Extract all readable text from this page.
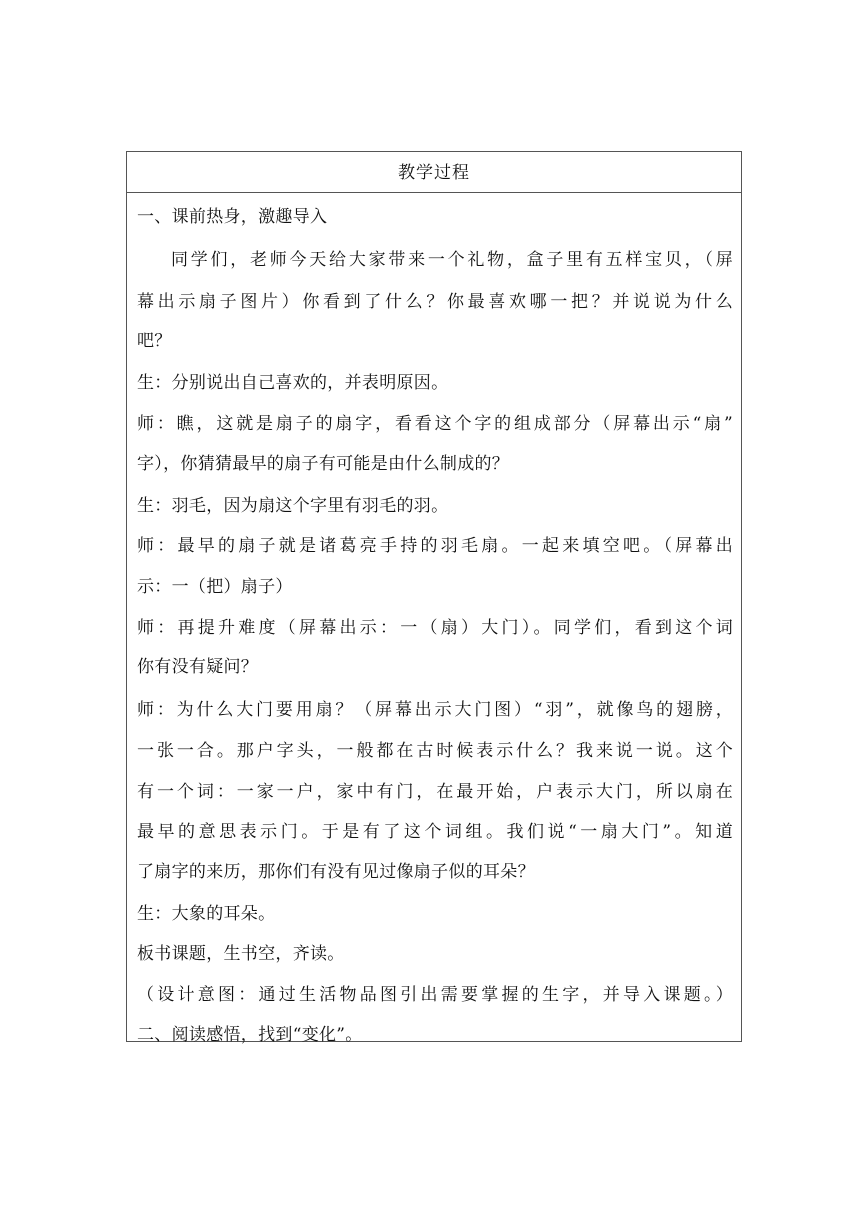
教学过程
一、课前热身，激趣导入
同学们，老师今天给大家带来一个礼物，盒子里有五样宝贝，（屏
幕出示扇子图片）你看到了什么？你最喜欢哪一把？并说说为什么
吧？
生：分别说出自己喜欢的，并表明原因。
师：瞧，这就是扇子的扇字，看看这个字的组成部分（屏幕出示“扇”
字），你猜猜最早的扇子有可能是由什么制成的？
生：羽毛，因为扇这个字里有羽毛的羽。
师：最早的扇子就是诸葛亮手持的羽毛扇。一起来填空吧。（屏幕出
示：一（把）扇子）
师：再提升难度（屏幕出示：一（扇）大门）。同学们，看到这个词
你有没有疑问？
师：为什么大门要用扇？（屏幕出示大门图）“羽”，就像鸟的翅膀，
一张一合。那户字头，一般都在古时候表示什么？我来说一说。这个
有一个词：一家一户，家中有门，在最开始，户表示大门，所以扇在
最早的意思表示门。于是有了这个词组。我们说“一扇大门”。知道
了扇字的来历，那你们有没有见过像扇子似的耳朵？
生：大象的耳朵。
板书课题，生书空，齐读。
（设计意图：通过生活物品图引出需要掌握的生字，并导入课题。）
二、阅读感悟，找到“变化”。
